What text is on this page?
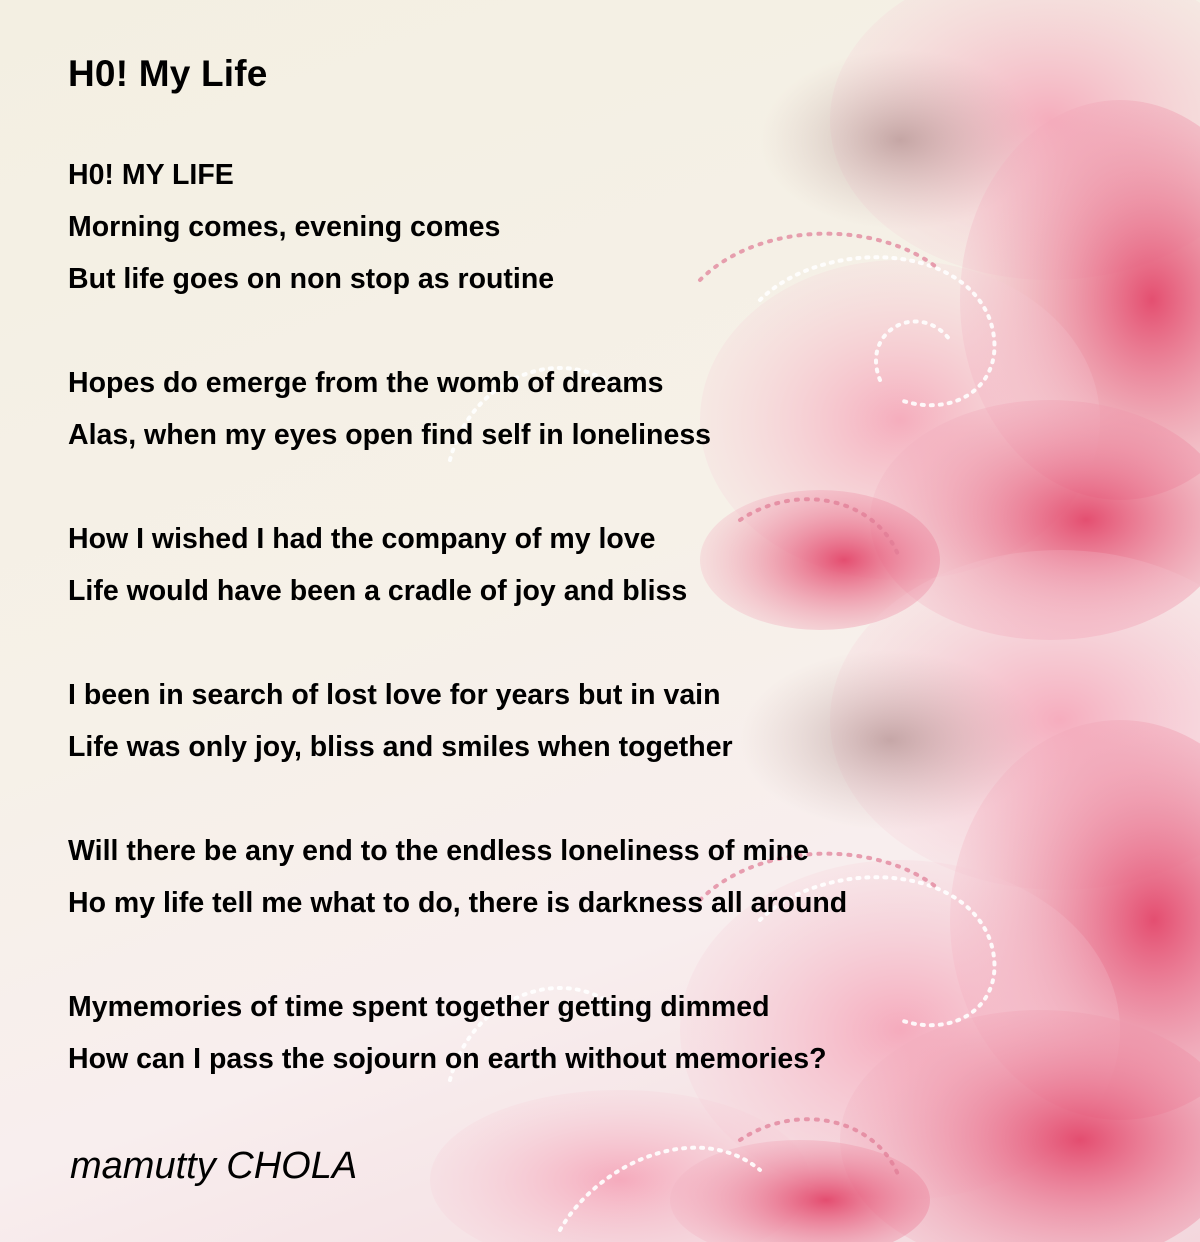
H0! My Life
H0! MY LIFE
Morning comes, evening comes
But life goes on non stop as routine
Hopes do emerge from the womb of dreams
Alas, when my eyes open find self in loneliness
How I wished I had the company of my love
Life would have been a cradle of joy and bliss
I been in search of lost love for years but in vain
Life was only joy, bliss and smiles when together
Will there be any end to the endless loneliness of mine
Ho my life tell me what to do, there is darkness all around
Mymemories of time spent together getting dimmed
How can I pass the sojourn on earth without memories?
mamutty CHOLA
